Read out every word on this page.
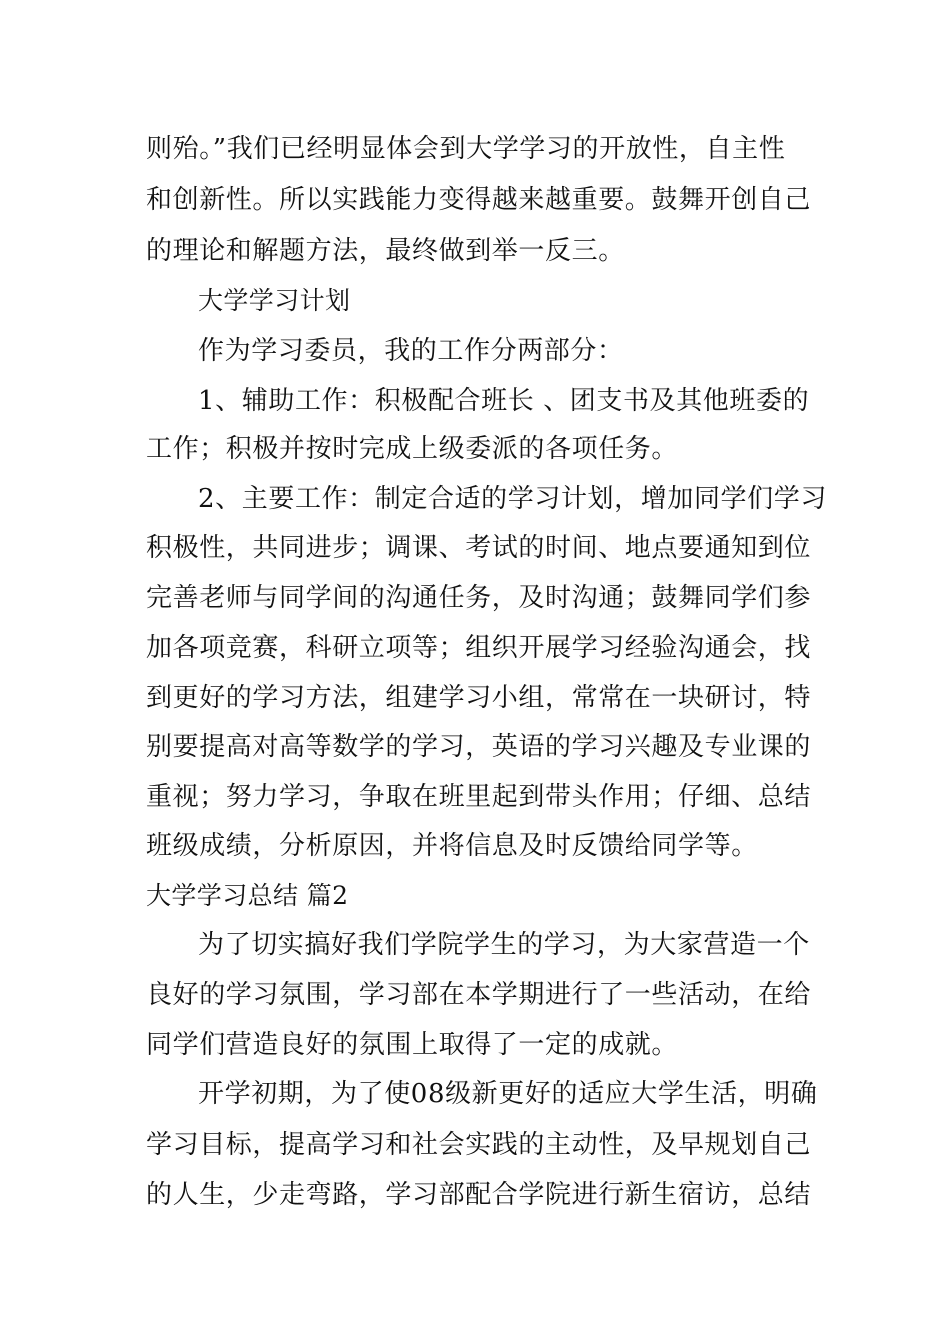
则殆。”我们已经明显体会到大学学习的开放性，自主性
和创新性。所以实践能力变得越来越重要。鼓舞开创自己
的理论和解题方法，最终做到举一反三。
大学学习计划
作为学习委员，我的工作分两部分：
1、辅助工作：积极配合班长 、团支书及其他班委的
工作；积极并按时完成上级委派的各项任务。
2、主要工作：制定合适的学习计划，增加同学们学习
积极性，共同进步；调课、考试的时间、地点要通知到位
完善老师与同学间的沟通任务，及时沟通；鼓舞同学们参
加各项竞赛，科研立项等；组织开展学习经验沟通会，找
到更好的学习方法，组建学习小组，常常在一块研讨，特
别要提高对高等数学的学习，英语的学习兴趣及专业课的
重视；努力学习，争取在班里起到带头作用；仔细、总结
班级成绩，分析原因，并将信息及时反馈给同学等。
大学学习总结 篇2
为了切实搞好我们学院学生的学习，为大家营造一个
良好的学习氛围，学习部在本学期进行了一些活动，在给
同学们营造良好的氛围上取得了一定的成就。
开学初期，为了使08级新更好的适应大学生活，明确
学习目标，提高学习和社会实践的主动性，及早规划自己
的人生，少走弯路，学习部配合学院进行新生宿访，总结
